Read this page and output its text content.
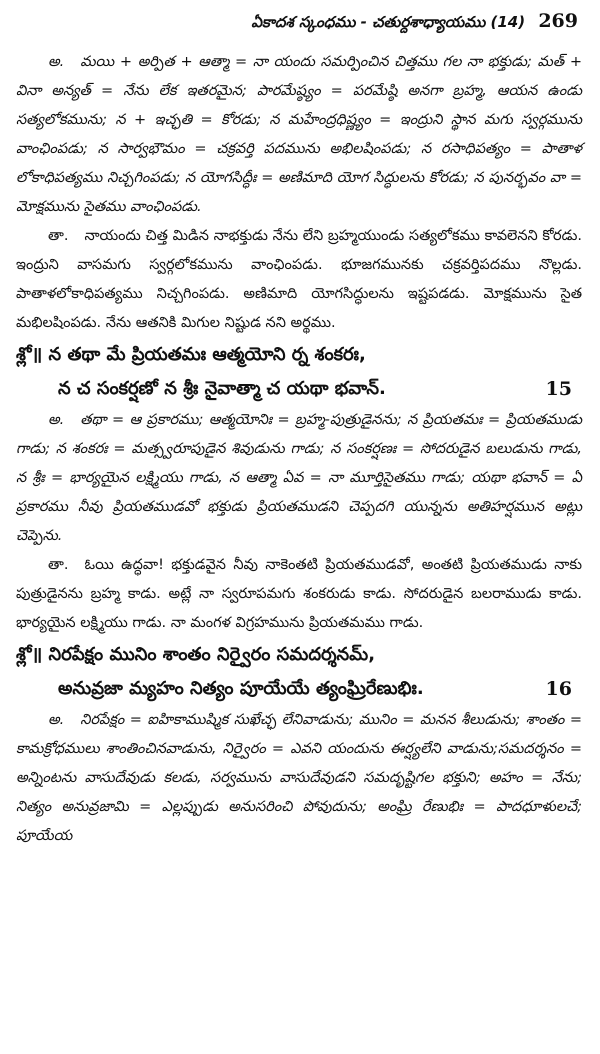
ఏకాదశ స్కంధము - చతుర్దశాధ్యాయము (14) 269

అ. మయి + అర్పిత + ఆత్మా = నా యందు సమర్పించిన చిత్తము గల నా భక్తుడు; మత్ + వినా అన్యత్ = నేను లేక ఇతరమైన; పారమేష్ఠ్యం = పరమేష్ఠి అనగా బ్రహ్మ, ఆయన ఉండు సత్యలోకమును; న + ఇచ్ఛతి = కోరడు; న మహేంద్రధిష్ణ్యం = ఇంద్రుని స్థాన మగు స్వర్గమును వాంఛింపడు; న సార్వభౌమం = చక్రవర్తి పదమును అభిలషింపడు; న రసాధిపత్యం = పాతాళ లోకాధిపత్యము నిచ్చగింపడు; న యోగసిద్ధీః = అణిమాది యోగ సిద్ధులను కోరడు; న పునర్భవం వా = మోక్షమును సైతము వాంఛింపడు.

తా. నాయందు చిత్త మిడిన నాభక్తుడు నేను లేని బ్రహ్మయుండు సత్యలోకము కావలెనని కోరడు. ఇంద్రుని వాసమగు స్వర్గలోకమును వాంఛింపడు. భూజగమునకు చక్రవర్తిపదము నొల్లడు. పాతాళలోకాధిపత్యము నిచ్చగింపడు. అణిమాది యోగసిద్ధులను ఇష్టపడడు. మోక్షమును సైత మభిలషింపడు. నేను ఆతనికి మిగుల నిష్టుడ నని అర్థము.

శ్లో॥ న తథా మే ప్రియతమః ఆత్మయోని ర్న శంకరః,
న చ సంకర్షణో న శ్రీః నైవాత్మా చ యథా భవాన్.	15

అ. తథా = ఆ ప్రకారము; ఆత్మయోనిః = బ్రహ్మ-పుత్రుడైనను; న ప్రియతమః = ప్రియతముడు గాడు; న శంకరః = మత్స్వరూపుడైన శివుడును గాడు; న సంకర్షణః = సోదరుడైన బలుడును గాడు, న శ్రీః = భార్యయైన లక్ష్మియు గాడు, న ఆత్మా ఏవ = నా మూర్తిసైతము గాడు; యథా భవాన్ = ఏ ప్రకారము నీవు ప్రియతముడవో భక్తుడు ప్రియతముడని చెప్పదగి యున్నను అతిహర్షమున అట్లు చెప్పెను.

తా. ఓయి ఉద్ధవా! భక్తుడవైన నీవు నాకెంతటి ప్రియతముడవో, అంతటి ప్రియతముడు నాకు పుత్రుడైనను బ్రహ్మ కాడు. అట్లే నా స్వరూపమగు శంకరుడు కాడు. సోదరుడైన బలరాముడు కాడు. భార్యయైన లక్ష్మియు గాడు. నా మంగళ విగ్రహమును ప్రియతమము గాడు.

శ్లో॥ నిరపేక్షం మునిం శాంతం నిర్వైరం సమదర్శనమ్,
అనువ్రజా మ్యహం నిత్యం పూయేయే త్యంఘ్రిరేణుభిః.	16

అ. నిరపేక్షం = ఐహికాముష్మిక సుఖేచ్ఛ లేనివాడును; మునిం = మనన శీలుడును; శాంతం = కామక్రోధములు శాంతించినవాడును, నిర్వైరం = ఎవని యందును ఈర్ష్యలేని వాడును;సమదర్శనం = అన్నింటను వాసుదేవుడు కలడు, సర్వమును వాసుదేవుడని సమదృష్టిగల భక్తుని; అహం = నేను; నిత్యం అనువ్రజామి = ఎల్లప్పుడు అనుసరించి పోవుదును; అంఘ్రి రేణుభిః = పాదధూళులచే; పూయేయ
